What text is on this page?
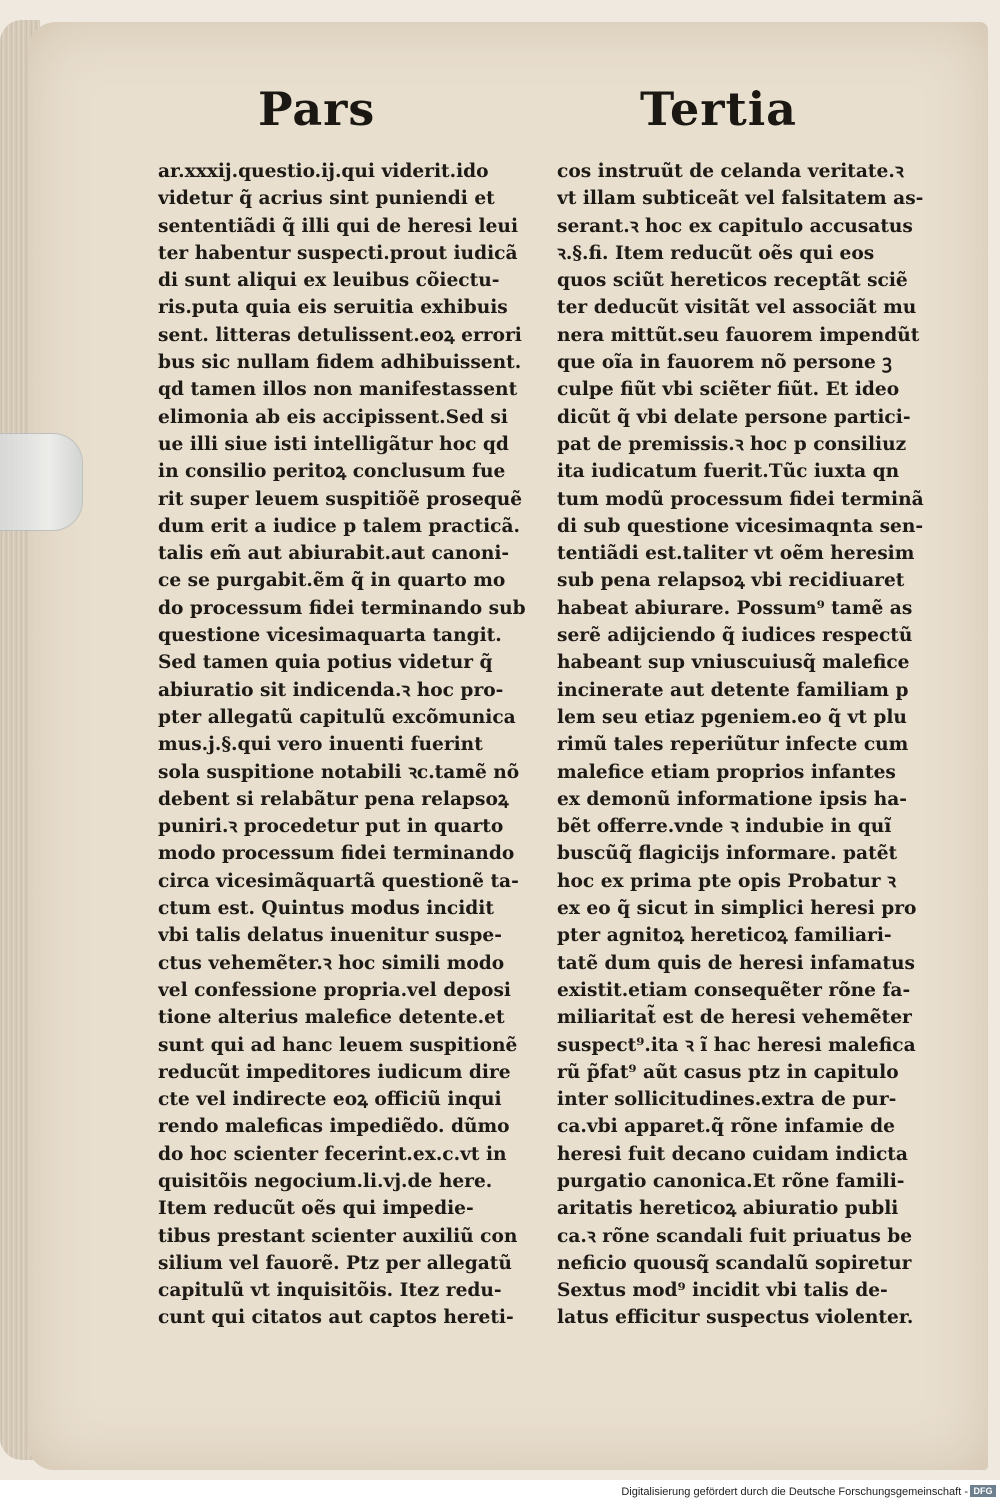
Pars	Tertia
ar.xxxij.questio.ij.qui viderit.ido
videtur q̃ acrius sint puniendi et
sententiãdi q̃ illi qui de heresi leui
ter habentur suspecti.prout iudicã
di sunt aliqui ex leuibus cõiectu-
ris.puta quia eis seruitia exhibuis
sent. litteras detulissent.eoꝝ errori
bus sic nullam fidem adhibuissent.
qd tamen illos non manifestassent
elimonia ab eis accipissent.Sed si
ue illi siue isti intelligãtur hoc qd
in consilio peritoꝝ conclusum fue
rit super leuem suspitiõẽ prosequẽ
dum erit a iudice p talem practicã.
talis em̃ aut abiurabit.aut canoni-
ce se purgabit.ẽm q̃ in quarto mo
do processum fidei terminando sub
questione vicesimaquarta tangit.
Sed tamen quia potius videtur q̃
abiuratio sit indicenda.ꝛ hoc pro-
pter allegatũ capitulũ excõmunica
mus.j.§.qui vero inuenti fuerint
sola suspitione notabili ꝛc.tamẽ nõ
debent si relabãtur pena relapsoꝝ
puniri.ꝛ procedetur put in quarto
modo processum fidei terminando
circa vicesimãquartã questionẽ ta-
ctum est. Quintus modus incidit
vbi talis delatus inuenitur suspe-
ctus vehemẽter.ꝛ hoc simili modo
vel confessione propria.vel deposi
tione alterius malefice detente.et
sunt qui ad hanc leuem suspitionẽ
reducũt impeditores iudicum dire
cte vel indirecte eoꝝ officiũ inqui
rendo maleficas impediẽdo. dũmo
do hoc scienter fecerint.ex.c.vt in
quisitõis negocium.li.vj.de here.
Item reducũt oẽs qui impedie-
tibus prestant scienter auxiliũ con
silium vel fauorẽ. Ptz per allegatũ
capitulũ vt inquisitõis. Itez redu-
cunt qui citatos aut captos hereti-
cos instruũt de celanda veritate.ꝛ
vt illam subticeãt vel falsitatem as-
serant.ꝛ hoc ex capitulo accusatus
ꝛ.§.fi. Item reducũt oẽs qui eos
quos sciũt hereticos receptãt sciẽ
ter deducũt visitãt vel associãt mu
nera mittũt.seu fauorem impendũt
que oĩa in fauorem nõ persone ꝫ
culpe fiũt vbi sciẽter fiũt. Et ideo
dicũt q̃ vbi delate persone partici-
pat de premissis.ꝛ hoc p consiliuz
ita iudicatum fuerit.Tũc iuxta qn
tum modũ processum fidei terminã
di sub questione vicesimaqnta sen-
tentiãdi est.taliter vt oẽm heresim
sub pena relapsoꝝ vbi recidiuaret
habeat abiurare. Possum⁹ tamẽ as
serẽ adijciendo q̃ iudices respectũ
habeant sup vniuscuiusq̃ malefice
incinerate aut detente familiam p
lem seu etiaz pgeniem.eo q̃ vt plu
rimũ tales reperiũtur infecte cum
malefice etiam proprios infantes
ex demonũ informatione ipsis ha-
bẽt offerre.vnde ꝛ indubie in quĩ
buscũq̃ flagicijs informare. patẽt
hoc ex prima pte opis Probatur ꝛ
ex eo q̃ sicut in simplici heresi pro
pter agnitoꝝ hereticoꝝ familiari-
tatẽ dum quis de heresi infamatus
existit.etiam consequẽter rõne fa-
miliaritat̃ est de heresi vehemẽter
suspect⁹.ita ꝛ ĩ hac heresi malefica
rũ p̃fat⁹ aũt casus ptz in capitulo
inter sollicitudines.extra de pur-
ca.vbi apparet.q̃ rõne infamie de
heresi fuit decano cuidam indicta
purgatio canonica.Et rõne famili-
aritatis hereticoꝝ abiuratio publi
ca.ꝛ rõne scandali fuit priuatus be
neficio quousq̃ scandalũ sopiretur
Sextus mod⁹ incidit vbi talis de-
latus efficitur suspectus violenter.
Digitalisierung gefördert durch die Deutsche Forschungsgemeinschaft - DFG
